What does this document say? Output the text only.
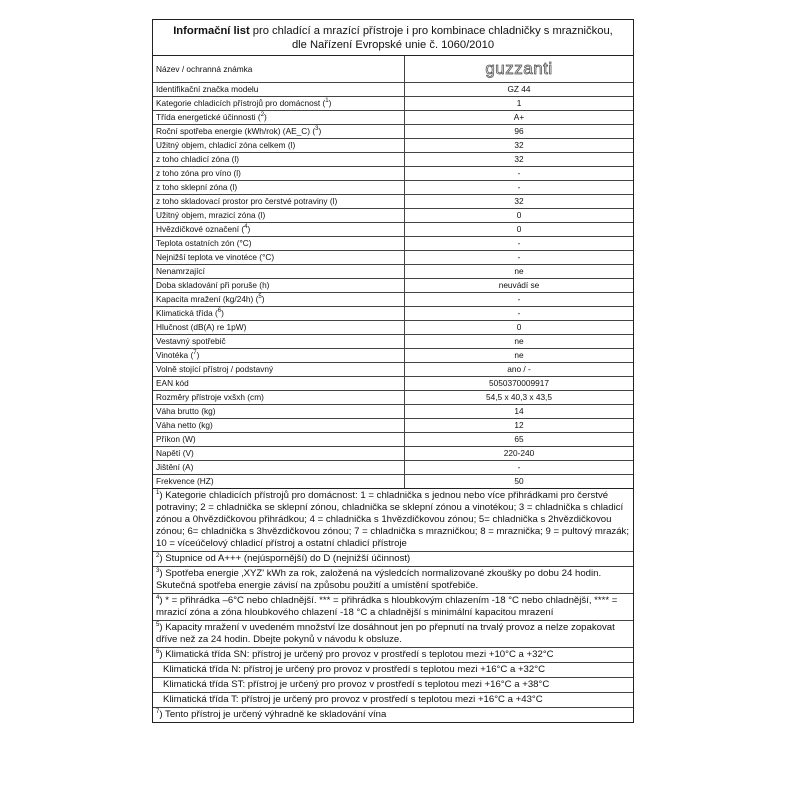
Informační list pro chladící a mrazící přístroje i pro kombinace chladničky s mrazničkou,
dle Nařízení Evropské unie č. 1060/2010
Název / ochranná známka	guzzanti
Identifikační značka modelu	GZ 44
Kategorie chladicích přístrojů pro domácnost ($^1$)	1
Třída energetické účinnosti ($^2$)	A+
Roční spotřeba energie (kWh/rok) (AE_C) ($^3$)	96
Užitný objem, chladicí zóna celkem (l)	32
z toho chladicí zóna (l)	32
z toho zóna pro víno (l)	-
z toho sklepní zóna (l)	-
z toho skladovací prostor pro čerstvé potraviny (l)	32
Užitný objem, mrazicí zóna (l)	0
Hvězdičkové označení ($^4$)	0
Teplota ostatních zón (°C)	-
Nejnižší teplota ve vinotéce (°C)	-
Nenamrzající	ne
Doba skladování při poruše (h)	neuvádí se
Kapacita mražení (kg/24h) ($^5$)	-
Klimatická třída ($^6$)	-
Hlučnost (dB(A) re 1pW)	0
Vestavný spotřebič	ne
Vinotéka ($^7$)	ne
Volně stojící přístroj / podstavný	ano / -
EAN kód	5050370009917
Rozměry přístroje vxšxh (cm)	54,5 x 40,3 x 43,5
Váha brutto (kg)	14
Váha netto (kg)	12
Příkon (W)	65
Napětí (V)	220-240
Jištění (A)	-
Frekvence (HZ)	50
$^1$) Kategorie chladicích přístrojů pro domácnost: 1 = chladnička s jednou nebo více přihrádkami pro čerstvé potraviny; 2 = chladnička se sklepní zónou, chladnička se sklepní zónou a vinotékou; 3 = chladnička s chladicí zónou a 0hvězdičkovou přihrádkou; 4 = chladnička s 1hvězdičkovou zónou; 5= chladnička s 2hvězdičkovou zónou; 6= chladnička s 3hvězdičkovou zónou; 7 = chladnička s mrazničkou; 8 = mraznička; 9 = pultový mrazák; 10 = víceúčelový chladicí přístroj a ostatní chladicí přístroje
$^2$) Stupnice od A+++ (nejúspornější) do D (nejnižší účinnost)
$^3$) Spotřeba energie ‚XYZ' kWh za rok, založená na výsledcích normalizované zkoušky po dobu 24 hodin. Skutečná spotřeba energie závisí na způsobu použití a umístění spotřebiče.
$^4$) * = přihrádka –6°C nebo chladnější. *** = přihrádka s hloubkovým chlazením -18 °C nebo chladnější, **** = mrazicí zóna a zóna hloubkového chlazení -18 °C a chladnější s minimální kapacitou mrazení
$^5$) Kapacity mražení v uvedeném množství lze dosáhnout jen po přepnutí na trvalý provoz a nelze zopakovat dříve než za 24 hodin. Dbejte pokynů v návodu k obsluze.
$^6$) Klimatická třída SN: přístroj je určený pro provoz v prostředí s teplotou mezi +10°C a +32°C
Klimatická třída N: přístroj je určený pro provoz v prostředí s teplotou mezi +16°C a +32°C
Klimatická třída ST: přístroj je určený pro provoz v prostředí s teplotou mezi +16°C a +38°C
Klimatická třída T: přístroj je určený pro provoz v prostředí s teplotou mezi +16°C a +43°C
$^7$) Tento přístroj je určený výhradně ke skladování vína
